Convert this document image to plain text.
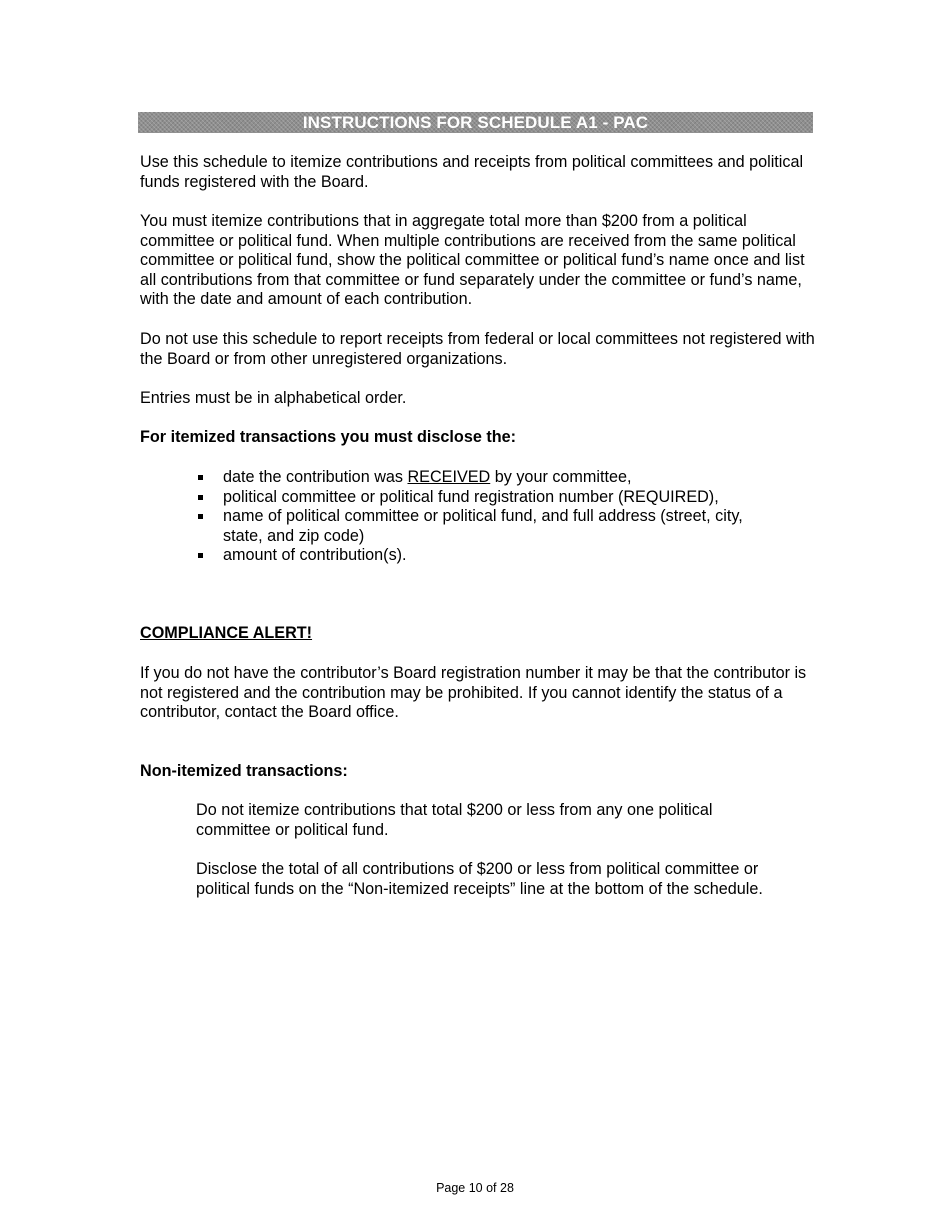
INSTRUCTIONS FOR SCHEDULE A1 - PAC

Use this schedule to itemize contributions and receipts from political committees and political funds registered with the Board.

You must itemize contributions that in aggregate total more than $200 from a political committee or political fund. When multiple contributions are received from the same political committee or political fund, show the political committee or political fund’s name once and list all contributions from that committee or fund separately under the committee or fund’s name, with the date and amount of each contribution.

Do not use this schedule to report receipts from federal or local committees not registered with the Board or from other unregistered organizations.

Entries must be in alphabetical order.

For itemized transactions you must disclose the:

date the contribution was RECEIVED by your committee,
political committee or political fund registration number (REQUIRED),
name of political committee or political fund, and full address (street, city, state, and zip code)
amount of contribution(s).

COMPLIANCE ALERT!

If you do not have the contributor’s Board registration number it may be that the contributor is not registered and the contribution may be prohibited. If you cannot identify the status of a contributor, contact the Board office.

Non-itemized transactions:

Do not itemize contributions that total $200 or less from any one political committee or political fund.

Disclose the total of all contributions of $200 or less from political committee or political funds on the “Non-itemized receipts” line at the bottom of the schedule.

Page 10 of 28
